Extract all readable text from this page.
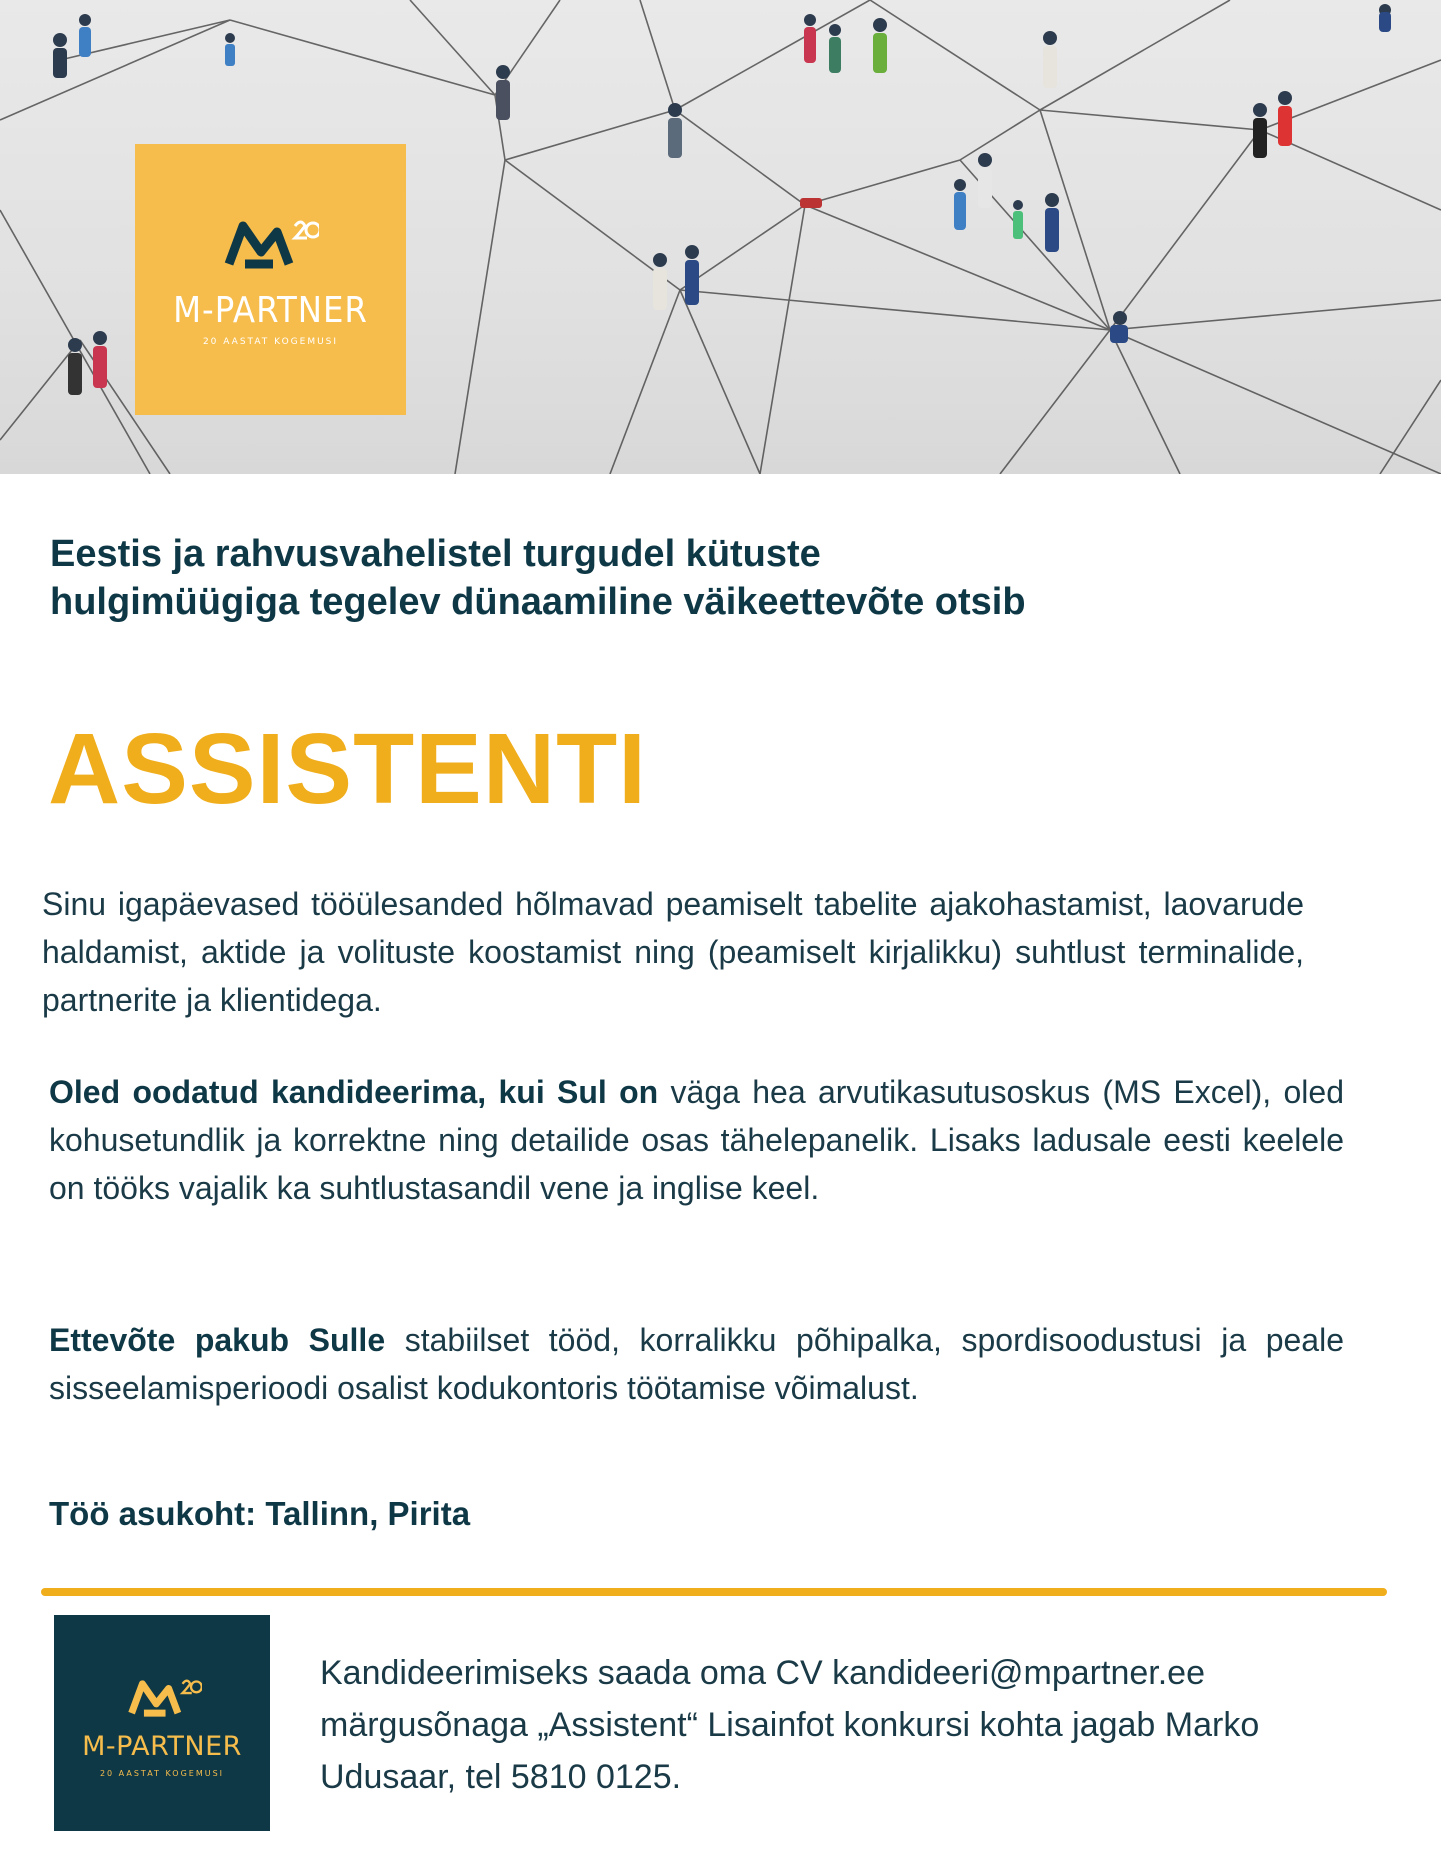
M-PARTNER
20 AASTAT KOGEMUSI
Eestis ja rahvusvahelistel turgudel kütuste
hulgimüügiga tegelev dünaamiline väikeettevõte otsib
ASSISTENTI
Sinu igapäevased tööülesanded hõlmavad peamiselt tabelite ajakohastamist, laovarude haldamist, aktide ja volituste koostamist ning (peamiselt kirjalikku) suhtlust terminalide, partnerite ja klientidega.
Oled oodatud kandideerima, kui Sul on väga hea arvutikasutusoskus (MS Excel), oled kohusetundlik ja korrektne ning detailide osas tähelepanelik. Lisaks ladusale eesti keelele on tööks vajalik ka suhtlustasandil vene ja inglise keel.
Ettevõte pakub Sulle stabiilset tööd, korralikku põhipalka, spordisoodustusi ja peale sisseelamisperioodi osalist kodukontoris töötamise võimalust.
Töö asukoht: Tallinn, Pirita
M-PARTNER
20 AASTAT KOGEMUSI
Kandideerimiseks saada oma CV kandideeri@mpartner.ee
märgusõnaga „Assistent“ Lisainfot konkursi kohta jagab Marko
Udusaar, tel 5810 0125.
